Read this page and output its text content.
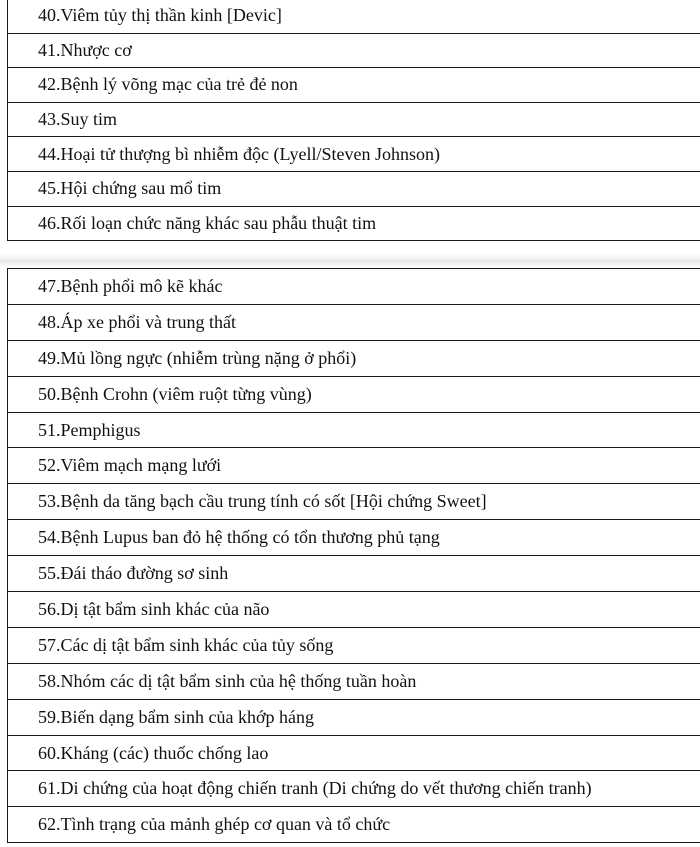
40.Viêm tủy thị thần kinh [Devic]
41.Nhược cơ
42.Bệnh lý võng mạc của trẻ đẻ non
43.Suy tim
44.Hoại tử thượng bì nhiễm độc (Lyell/Steven Johnson)
45.Hội chứng sau mổ tim
46.Rối loạn chức năng khác sau phẫu thuật tim
47.Bệnh phổi mô kẽ khác
48.Áp xe phổi và trung thất
49.Mủ lồng ngực (nhiễm trùng nặng ở phổi)
50.Bệnh Crohn (viêm ruột từng vùng)
51.Pemphigus
52.Viêm mạch mạng lưới
53.Bệnh da tăng bạch cầu trung tính có sốt [Hội chứng Sweet]
54.Bệnh Lupus ban đỏ hệ thống có tổn thương phủ tạng
55.Đái tháo đường sơ sinh
56.Dị tật bẩm sinh khác của não
57.Các dị tật bẩm sinh khác của tủy sống
58.Nhóm các dị tật bẩm sinh của hệ thống tuần hoàn
59.Biến dạng bẩm sinh của khớp háng
60.Kháng (các) thuốc chống lao
61.Di chứng của hoạt động chiến tranh (Di chứng do vết thương chiến tranh)
62.Tình trạng của mảnh ghép cơ quan và tổ chức
